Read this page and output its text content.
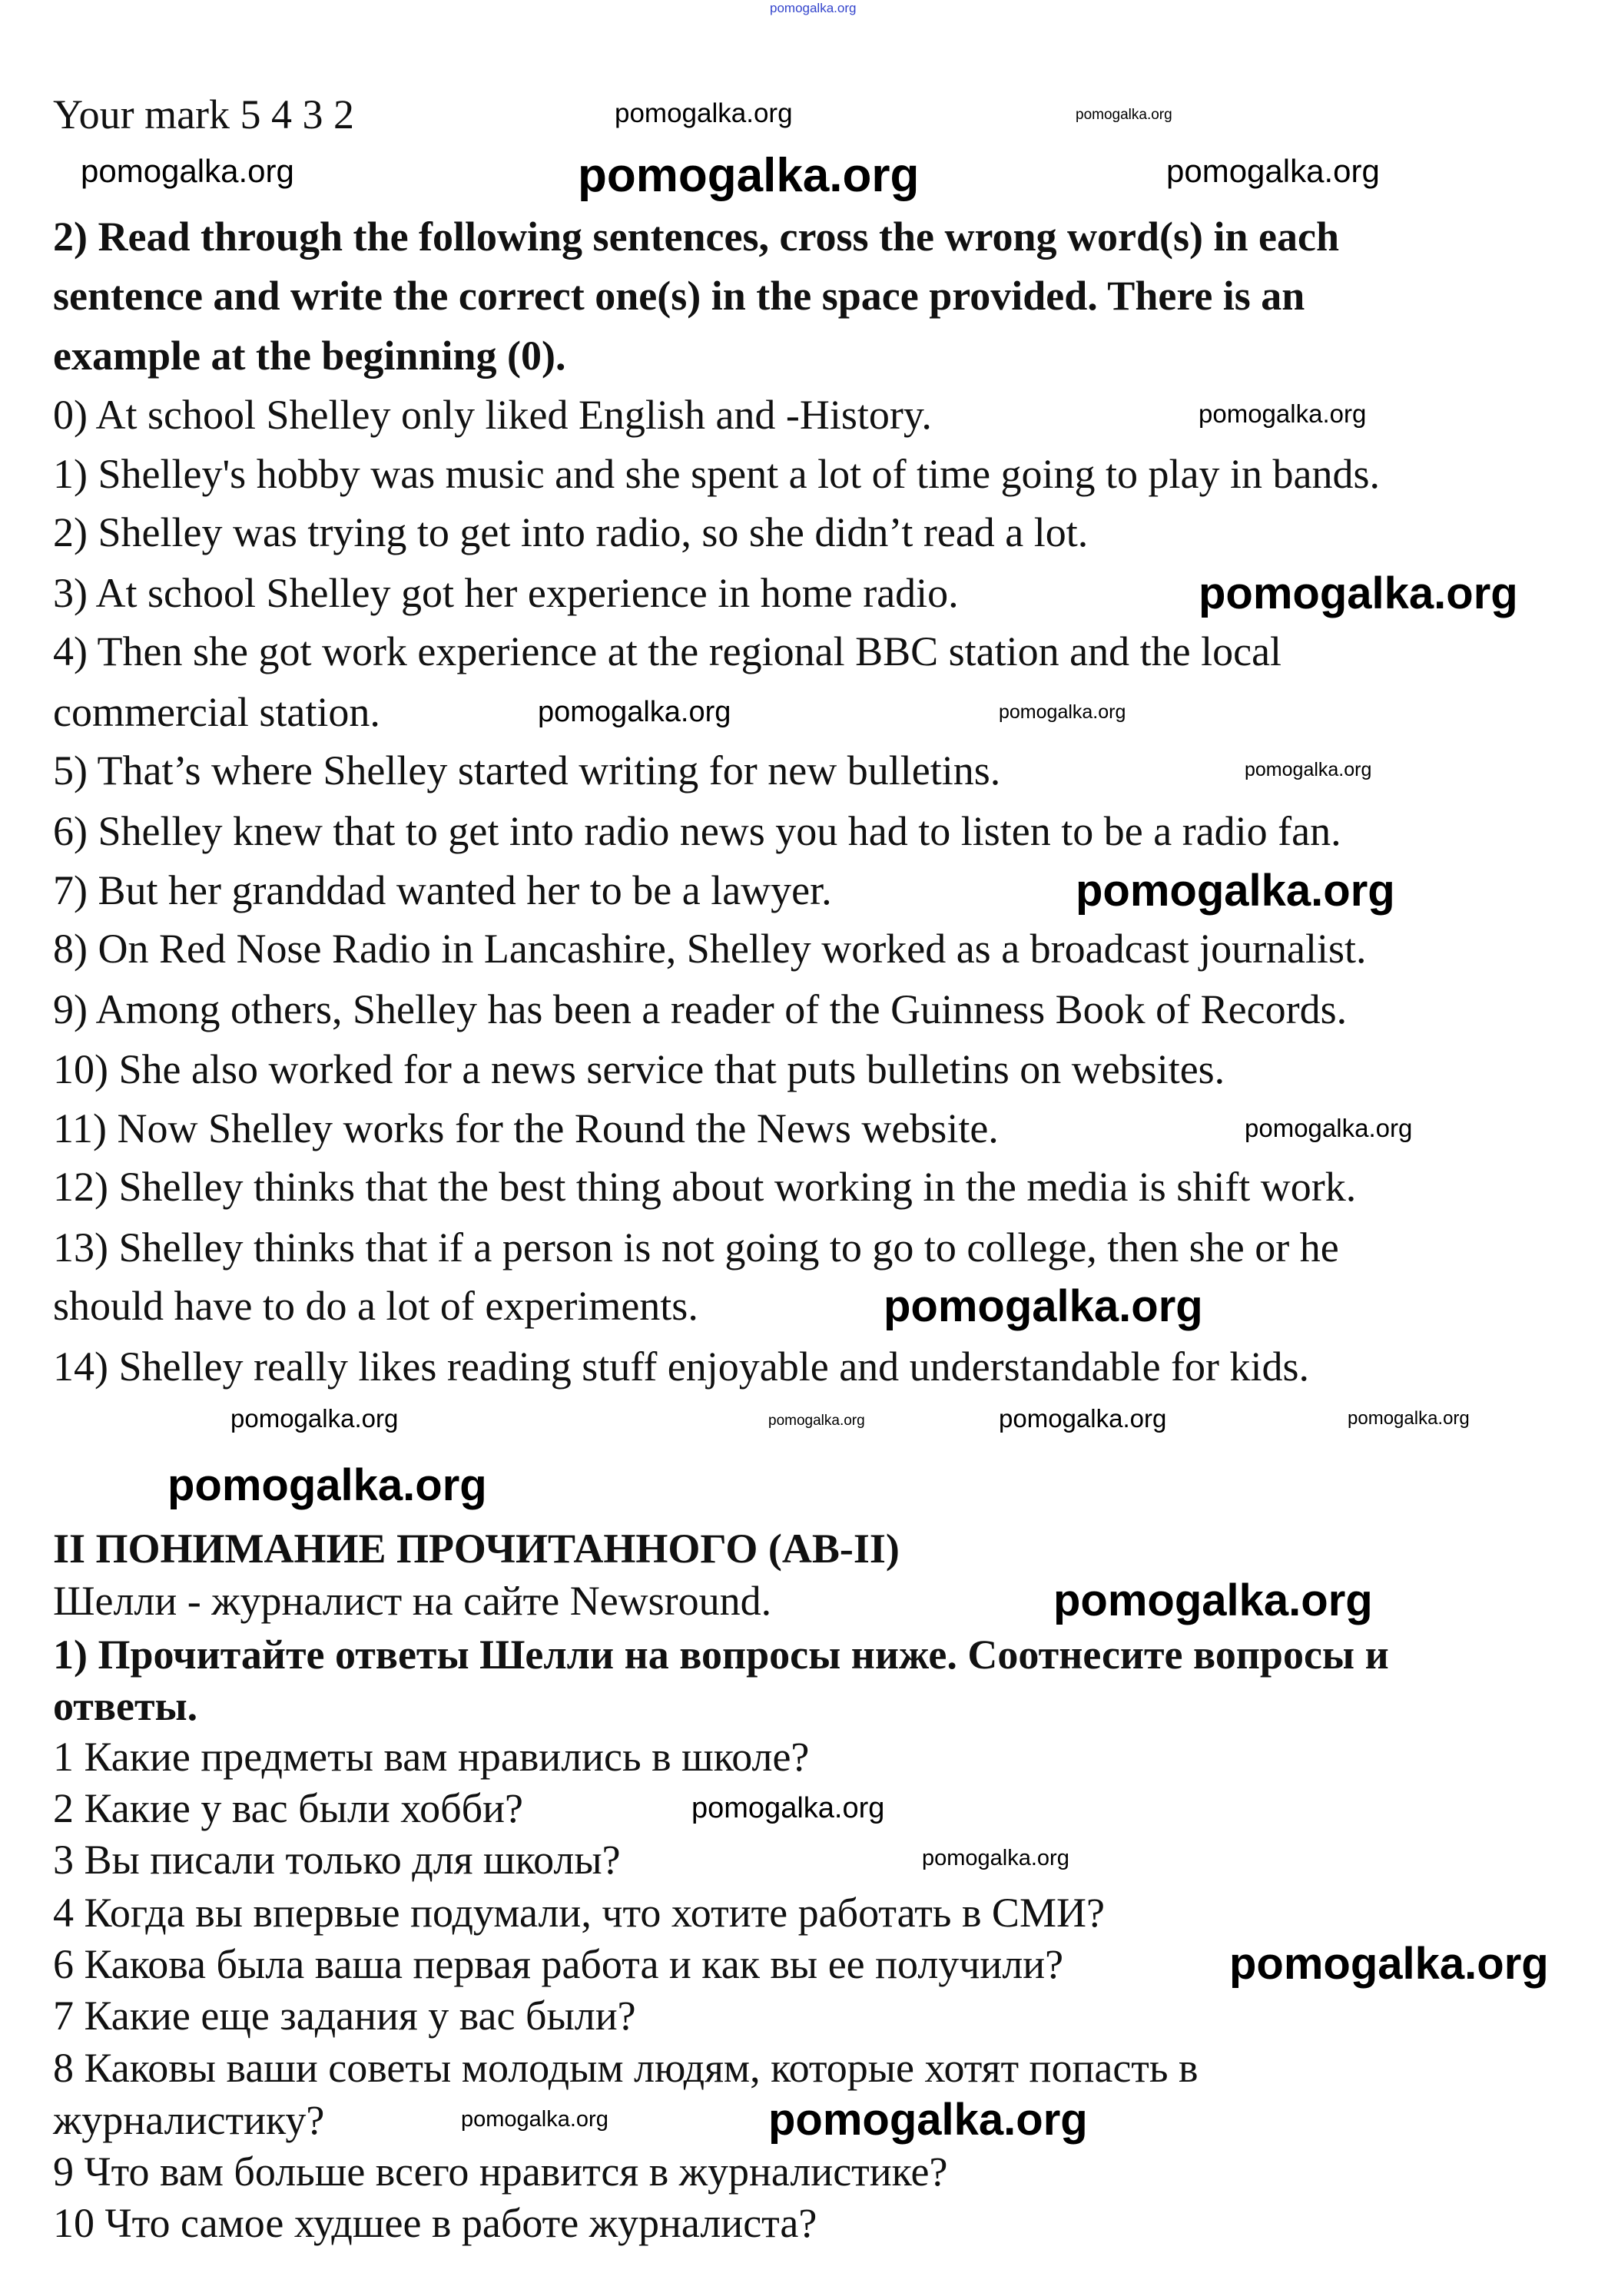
Your mark 5 4 3 2
2) Read through the following sentences, cross the wrong word(s) in each
sentence and write the correct one(s) in the space provided. There is an
example at the beginning (0).
0) At school Shelley only liked English and -History.
1) Shelley's hobby was music and she spent a lot of time going to play in bands.
2) Shelley was trying to get into radio, so she didn’t read a lot.
3) At school Shelley got her experience in home radio.
4) Then she got work experience at the regional BBC station and the local
commercial station.
5) That’s where Shelley started writing for new bulletins.
6) Shelley knew that to get into radio news you had to listen to be a radio fan.
7) But her granddad wanted her to be a lawyer.
8) On Red Nose Radio in Lancashire, Shelley worked as a broadcast journalist.
9) Among others, Shelley has been a reader of the Guinness Book of Records.
10) She also worked for a news service that puts bulletins on websites.
11) Now Shelley works for the Round the News website.
12) Shelley thinks that the best thing about working in the media is shift work.
13) Shelley thinks that if a person is not going to go to college, then she or he
should have to do a lot of experiments.
14) Shelley really likes reading stuff enjoyable and understandable for kids.
II ПОНИМАНИЕ ПРОЧИТАННОГО (АВ-II)
Шелли - журналист на сайте Newsround.
1) Прочитайте ответы Шелли на вопросы ниже. Соотнесите вопросы и
ответы.
1 Какие предметы вам нравились в школе?
2 Какие у вас были хобби?
3 Вы писали только для школы?
4 Когда вы впервые подумали, что хотите работать в СМИ?
6 Какова была ваша первая работа и как вы ее получили?
7 Какие еще задания у вас были?
8 Каковы ваши советы молодым людям, которые хотят попасть в
журналистику?
9 Что вам больше всего нравится в журналистике?
10 Что самое худшее в работе журналиста?
pomogalka.org
pomogalka.org	pomogalka.org	pomogalka.org
pomogalka.org	pomogalka.org
pomogalka.org
pomogalka.org
pomogalka.org	pomogalka.org
pomogalka.org
pomogalka.org
pomogalka.org
pomogalka.org
pomogalka.org	pomogalka.org	pomogalka.org	pomogalka.org
pomogalka.org
pomogalka.org
pomogalka.org
pomogalka.org
pomogalka.org
pomogalka.org	pomogalka.org
